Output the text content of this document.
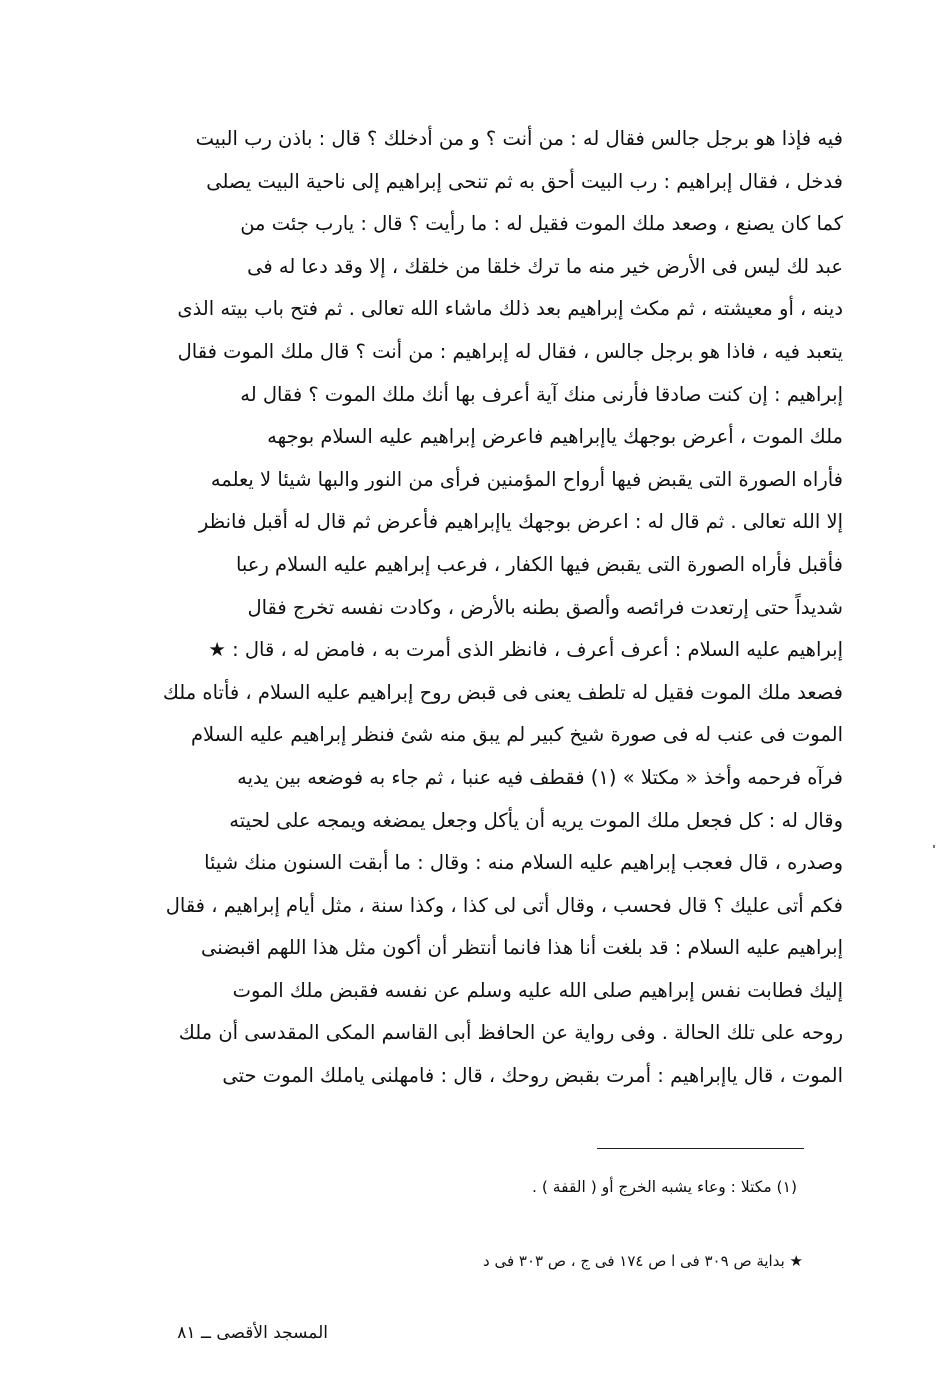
فيه فإذا هو برجل جالس فقال له : من أنت ؟ و من أدخلك ؟ قال : باذن رب البيت
فدخل ، فقال إبراهيم : رب البيت أحق به ثم تنحى إبراهيم إلى ناحية البيت يصلى
كما كان يصنع ، وصعد ملك الموت فقيل له : ما رأيت ؟ قال : يارب جئت من
عبد لك ليس فى الأرض خير منه ما ترك خلقا من خلقك ، إلا وقد دعا له فى
دينه ، أو معيشته ، ثم مكث إبراهيم بعد ذلك ماشاء الله تعالى . ثم فتح باب بيته الذى
يتعبد فيه ، فاذا هو برجل جالس ، فقال له إبراهيم : من أنت ؟ قال ملك الموت فقال
إبراهيم : إن كنت صادقا فأرنى منك آية أعرف بها أنك ملك الموت ؟ فقال له
ملك الموت ، أعرض بوجهك ياإبراهيم فاعرض إبراهيم عليه السلام بوجهه
فأراه الصورة التى يقبض فيها أرواح المؤمنين فرأى من النور والبها شيئا لا يعلمه
إلا الله تعالى . ثم قال له : اعرض بوجهك ياإبراهيم فأعرض ثم قال له أقبل فانظر
فأقبل فأراه الصورة التى يقبض فيها الكفار ، فرعب إبراهيم عليه السلام رعبا
شديداً حتى إرتعدت فرائصه وألصق بطنه بالأرض ، وكادت نفسه تخرج فقال
إبراهيم عليه السلام : أعرف أعرف ، فانظر الذى أمرت به ، فامض له ، قال : ★
فصعد ملك الموت فقيل له تلطف يعنى فى قبض روح إبراهيم عليه السلام ، فأتاه ملك
الموت فى عنب له فى صورة شيخ كبير لم يبق منه شئ فنظر إبراهيم عليه السلام
فرآه فرحمه وأخذ « مكتلا » (١) فقطف فيه عنبا ، ثم جاء به فوضعه بين يديه
وقال له : كل فجعل ملك الموت يريه أن يأكل وجعل يمضغه ويمجه على لحيته
وصدره ، قال فعجب إبراهيم عليه السلام منه : وقال : ما أبقت السنون منك شيئا
فكم أتى عليك ؟ قال فحسب ، وقال أتى لى كذا ، وكذا سنة ، مثل أيام إبراهيم ، فقال
إبراهيم عليه السلام : قد بلغت أنا هذا فانما أنتظر أن أكون مثل هذا اللهم اقبضنى
إليك فطابت نفس إبراهيم صلى الله عليه وسلم عن نفسه فقبض ملك الموت
روحه على تلك الحالة . وفى رواية عن الحافظ أبى القاسم المكى المقدسى أن ملك
الموت ، قال ياإبراهيم : أمرت بقبض روحك ، قال : فامهلنى ياملك الموت حتى
(١) مكتلا : وعاء يشبه الخرج أو ( القفة ) .
★ بداية ص ٣٠٩ فى ا ص ١٧٤ فى ج ، ص ٣٠٣ فى د
المسجد الأقصى ــ ٨١
